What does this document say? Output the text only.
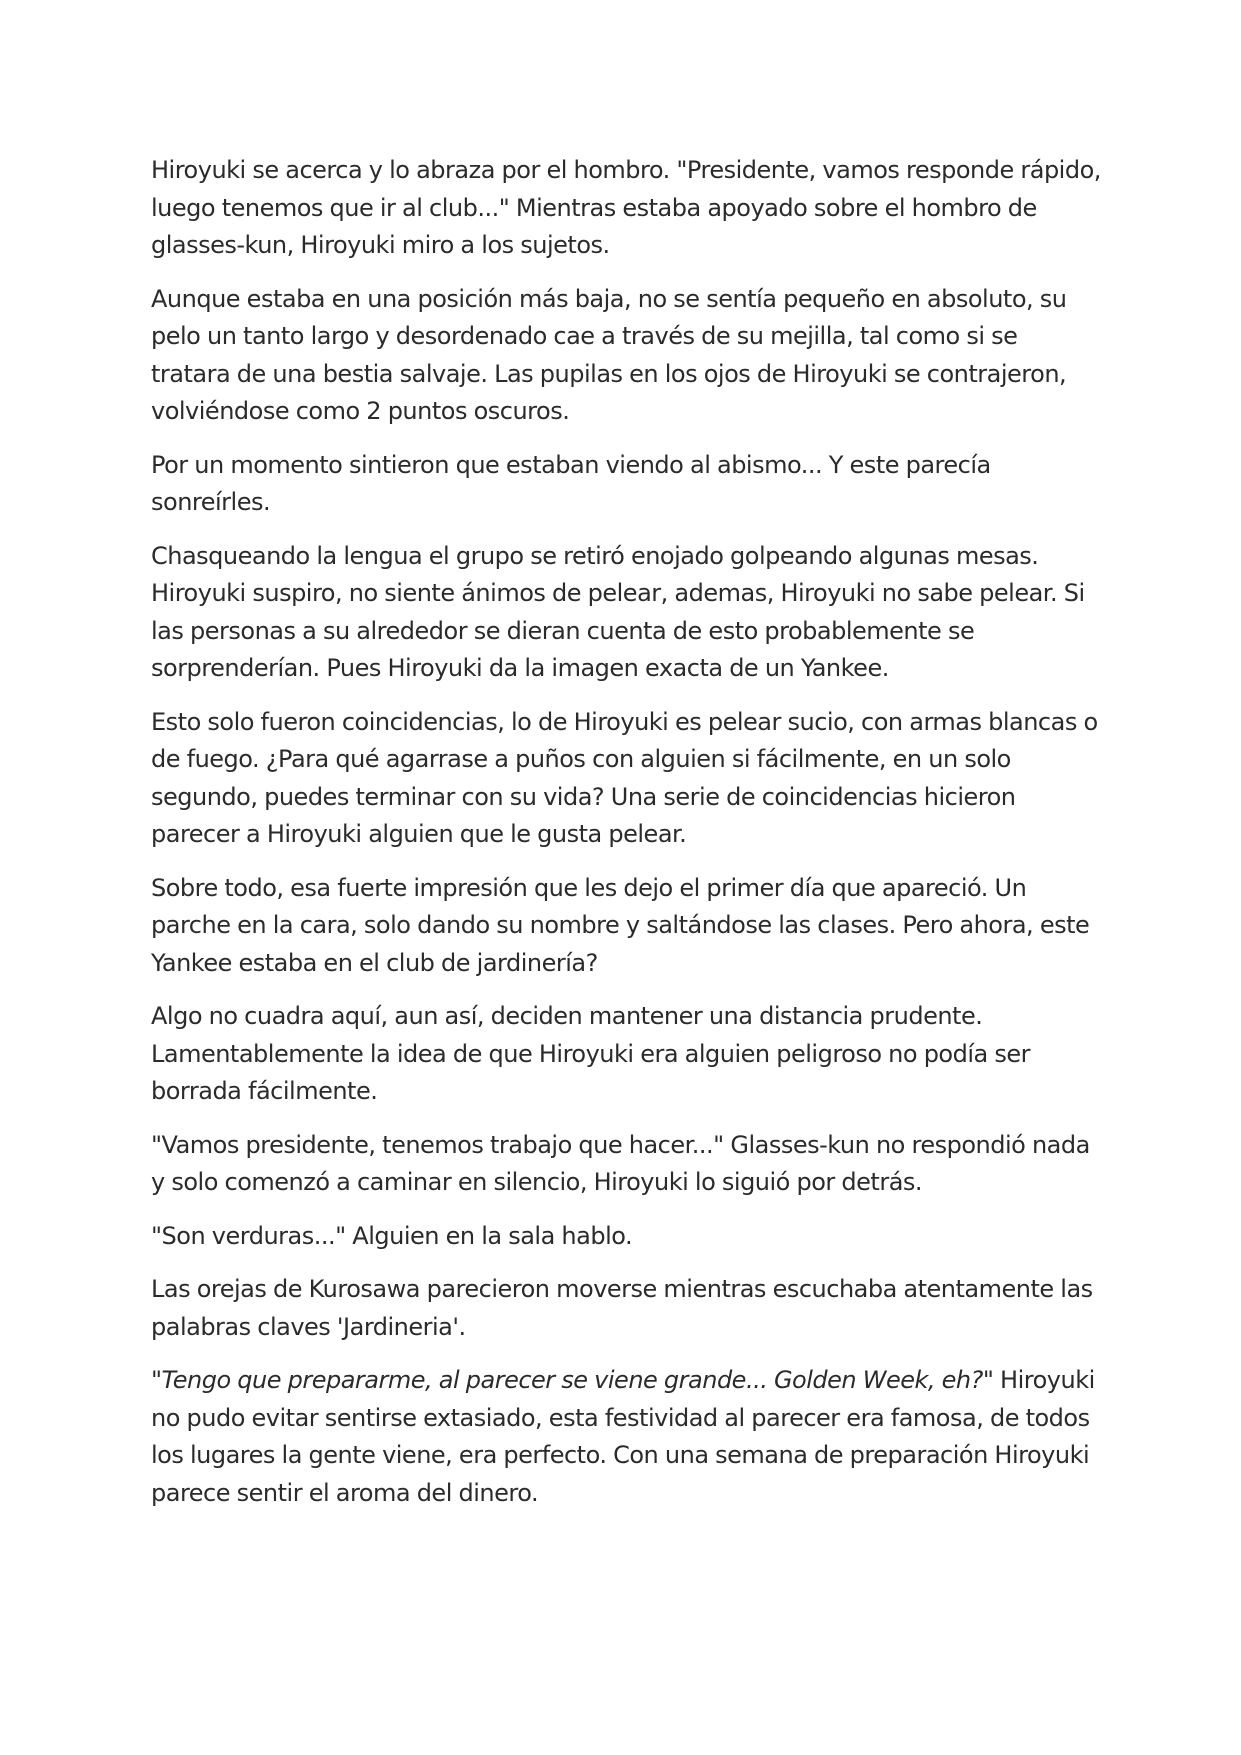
Hiroyuki se acerca y lo abraza por el hombro. "Presidente, vamos responde rápido, luego tenemos que ir al club..." Mientras estaba apoyado sobre el hombro de glasses-kun, Hiroyuki miro a los sujetos.

Aunque estaba en una posición más baja, no se sentía pequeño en absoluto, su pelo un tanto largo y desordenado cae a través de su mejilla, tal como si se tratara de una bestia salvaje. Las pupilas en los ojos de Hiroyuki se contrajeron, volviéndose como 2 puntos oscuros.

Por un momento sintieron que estaban viendo al abismo... Y este parecía sonreírles.

Chasqueando la lengua el grupo se retiró enojado golpeando algunas mesas. Hiroyuki suspiro, no siente ánimos de pelear, ademas, Hiroyuki no sabe pelear. Si las personas a su alrededor se dieran cuenta de esto probablemente se sorprenderían. Pues Hiroyuki da la imagen exacta de un Yankee.

Esto solo fueron coincidencias, lo de Hiroyuki es pelear sucio, con armas blancas o de fuego. ¿Para qué agarrase a puños con alguien si fácilmente, en un solo segundo, puedes terminar con su vida? Una serie de coincidencias hicieron parecer a Hiroyuki alguien que le gusta pelear.

Sobre todo, esa fuerte impresión que les dejo el primer día que apareció. Un parche en la cara, solo dando su nombre y saltándose las clases. Pero ahora, este Yankee estaba en el club de jardinería?

Algo no cuadra aquí, aun así, deciden mantener una distancia prudente. Lamentablemente la idea de que Hiroyuki era alguien peligroso no podía ser borrada fácilmente.

"Vamos presidente, tenemos trabajo que hacer..." Glasses-kun no respondió nada y solo comenzó a caminar en silencio, Hiroyuki lo siguió por detrás.

"Son verduras..." Alguien en la sala hablo.

Las orejas de Kurosawa parecieron moverse mientras escuchaba atentamente las palabras claves 'Jardineria'.

"Tengo que prepararme, al parecer se viene grande... Golden Week, eh?" Hiroyuki no pudo evitar sentirse extasiado, esta festividad al parecer era famosa, de todos los lugares la gente viene, era perfecto. Con una semana de preparación Hiroyuki parece sentir el aroma del dinero.
